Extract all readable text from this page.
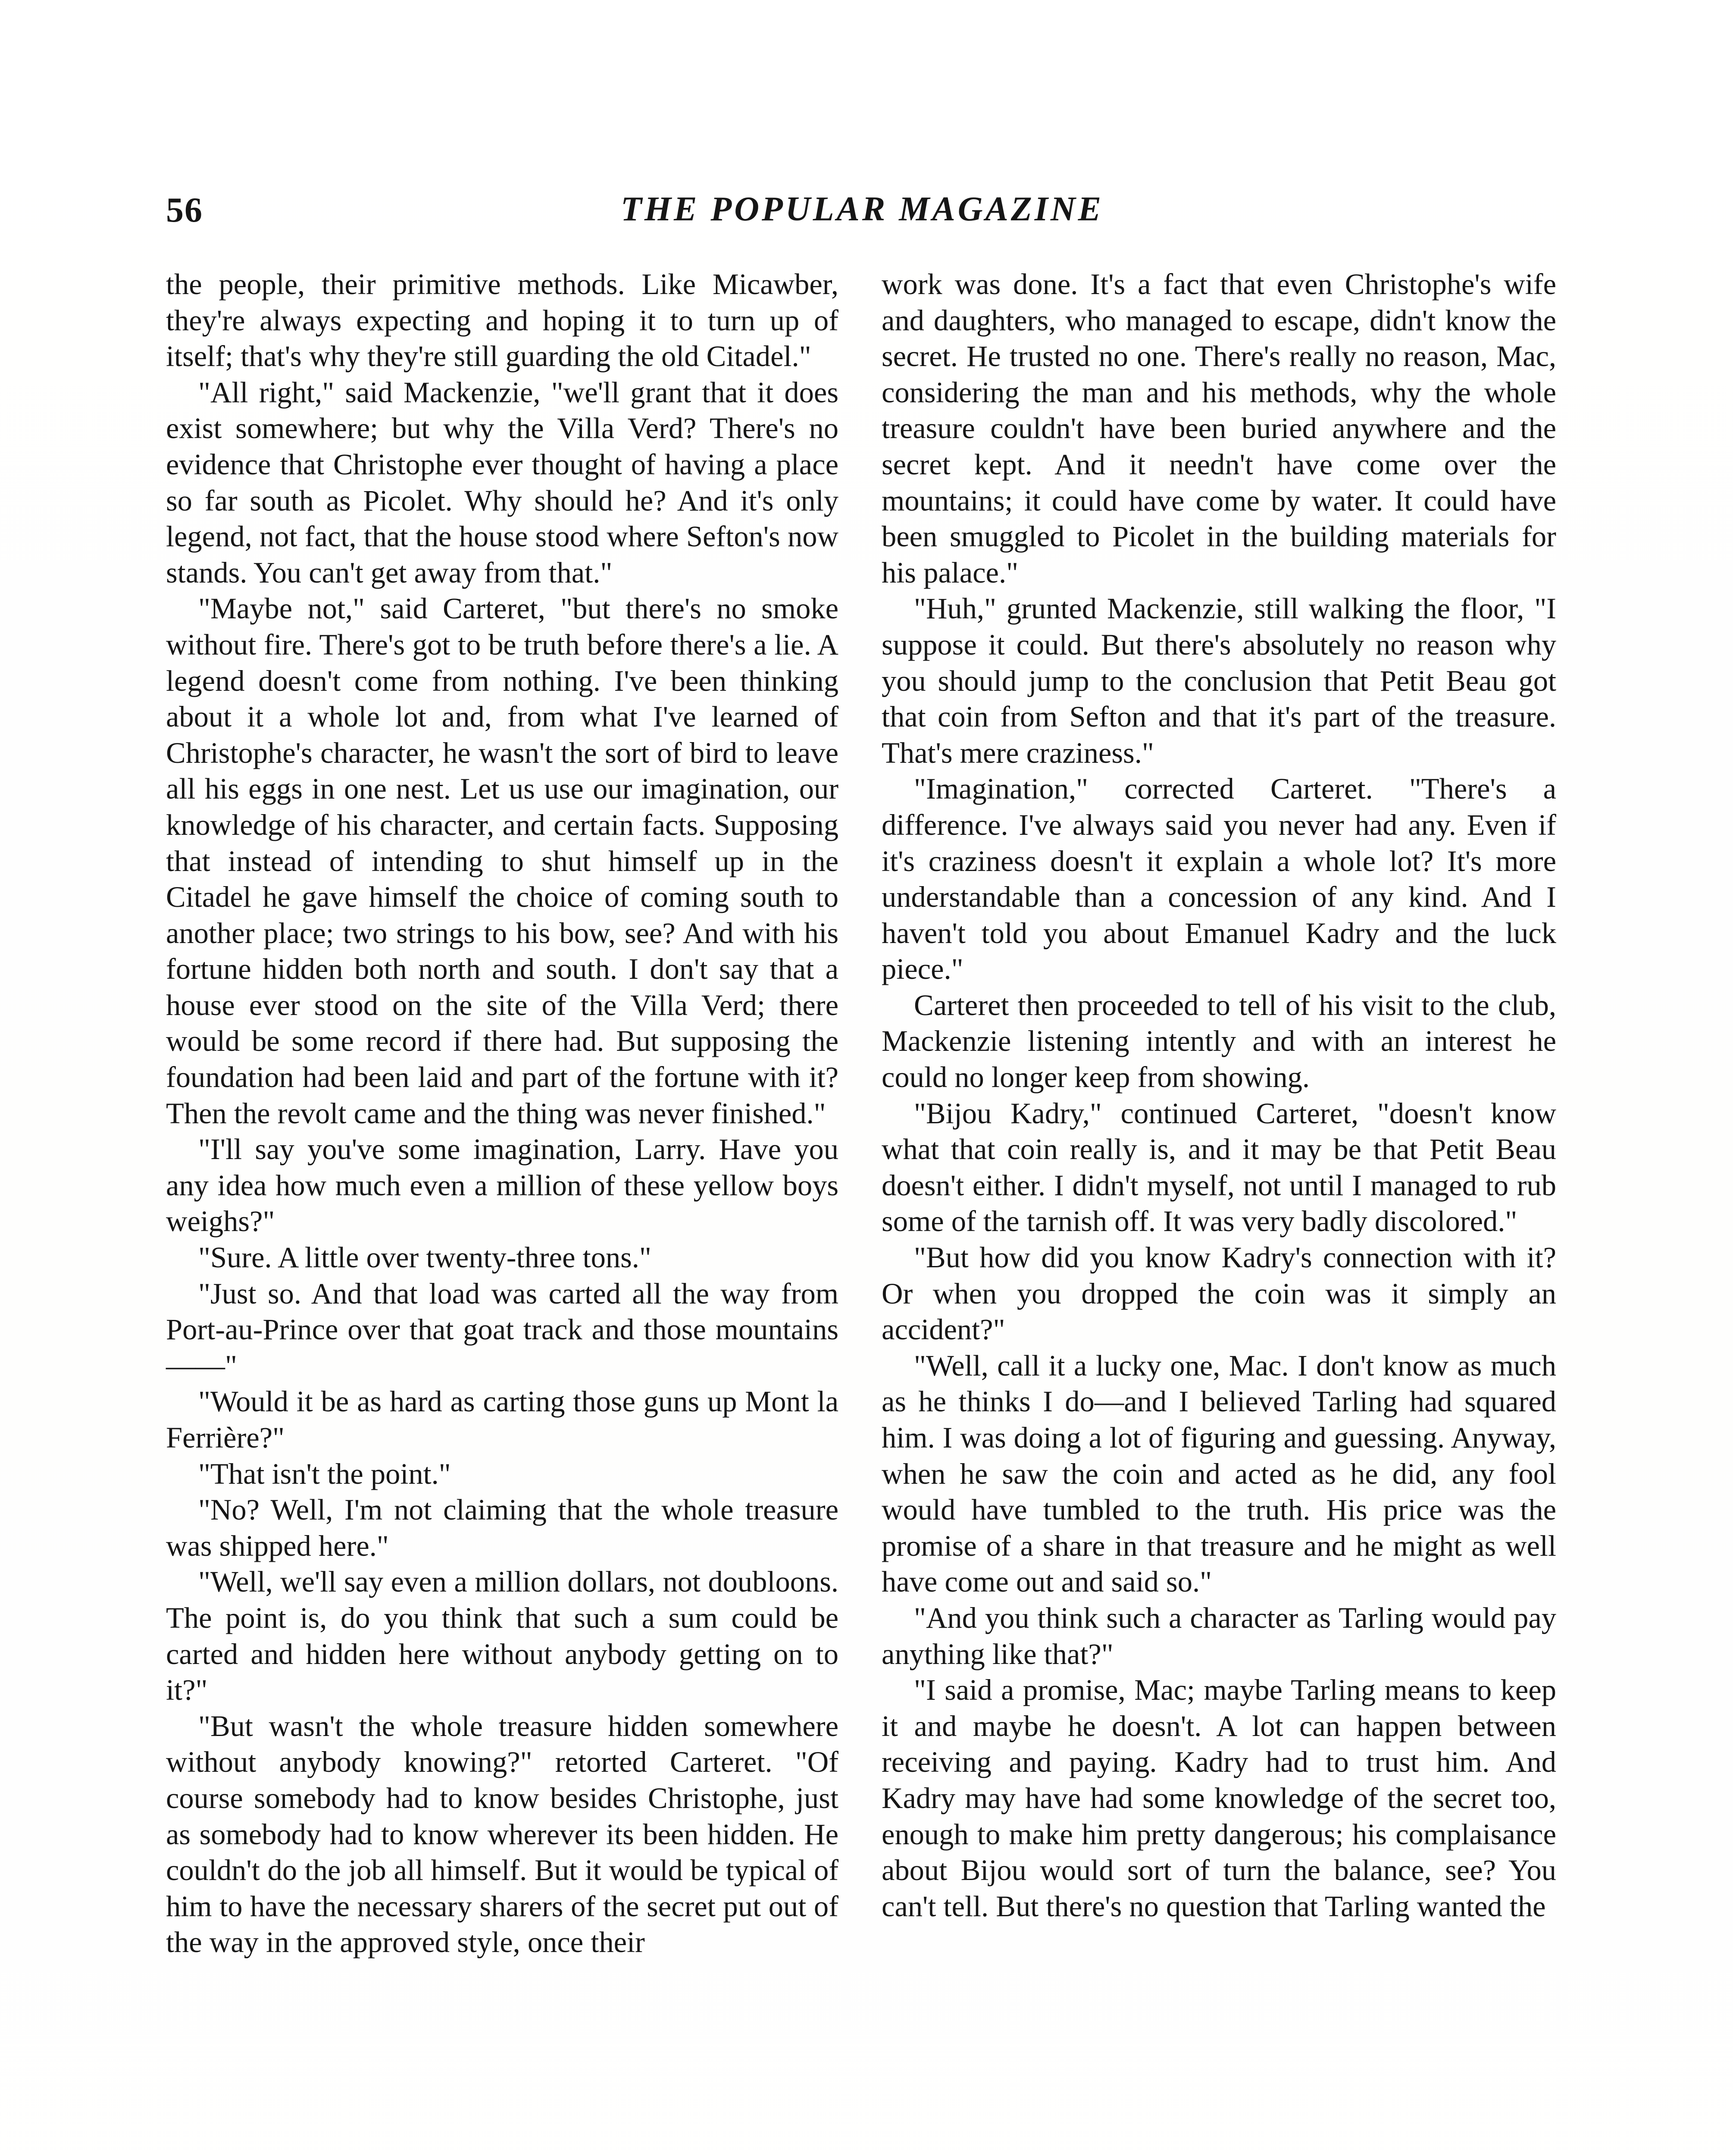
56	THE POPULAR MAGAZINE

the people, their primitive methods. Like Micawber, they're always expecting and hoping it to turn up of itself; that's why they're still guarding the old Citadel."

"All right," said Mackenzie, "we'll grant that it does exist somewhere; but why the Villa Verd? There's no evidence that Christophe ever thought of having a place so far south as Picolet. Why should he? And it's only legend, not fact, that the house stood where Sefton's now stands. You can't get away from that."

"Maybe not," said Carteret, "but there's no smoke without fire. There's got to be truth before there's a lie. A legend doesn't come from nothing. I've been thinking about it a whole lot and, from what I've learned of Christophe's character, he wasn't the sort of bird to leave all his eggs in one nest. Let us use our imagination, our knowledge of his character, and certain facts. Supposing that instead of intending to shut himself up in the Citadel he gave himself the choice of coming south to another place; two strings to his bow, see? And with his fortune hidden both north and south. I don't say that a house ever stood on the site of the Villa Verd; there would be some record if there had. But supposing the foundation had been laid and part of the fortune with it? Then the revolt came and the thing was never finished."

"I'll say you've some imagination, Larry. Have you any idea how much even a million of these yellow boys weighs?"

"Sure. A little over twenty-three tons."

"Just so. And that load was carted all the way from Port-au-Prince over that goat track and those mountains——"

"Would it be as hard as carting those guns up Mont la Ferrière?"

"That isn't the point."

"No? Well, I'm not claiming that the whole treasure was shipped here."

"Well, we'll say even a million dollars, not doubloons. The point is, do you think that such a sum could be carted and hidden here without anybody getting on to it?"

"But wasn't the whole treasure hidden somewhere without anybody knowing?" retorted Carteret. "Of course somebody had to know besides Christophe, just as somebody had to know wherever its been hidden. He couldn't do the job all himself. But it would be typical of him to have the necessary sharers of the secret put out of the way in the approved style, once their

work was done. It's a fact that even Christophe's wife and daughters, who managed to escape, didn't know the secret. He trusted no one. There's really no reason, Mac, considering the man and his methods, why the whole treasure couldn't have been buried anywhere and the secret kept. And it needn't have come over the mountains; it could have come by water. It could have been smuggled to Picolet in the building materials for his palace."

"Huh," grunted Mackenzie, still walking the floor, "I suppose it could. But there's absolutely no reason why you should jump to the conclusion that Petit Beau got that coin from Sefton and that it's part of the treasure. That's mere craziness."

"Imagination," corrected Carteret. "There's a difference. I've always said you never had any. Even if it's craziness doesn't it explain a whole lot? It's more understandable than a concession of any kind. And I haven't told you about Emanuel Kadry and the luck piece."

Carteret then proceeded to tell of his visit to the club, Mackenzie listening intently and with an interest he could no longer keep from showing.

"Bijou Kadry," continued Carteret, "doesn't know what that coin really is, and it may be that Petit Beau doesn't either. I didn't myself, not until I managed to rub some of the tarnish off. It was very badly discolored."

"But how did you know Kadry's connection with it? Or when you dropped the coin was it simply an accident?"

"Well, call it a lucky one, Mac. I don't know as much as he thinks I do—and I believed Tarling had squared him. I was doing a lot of figuring and guessing. Anyway, when he saw the coin and acted as he did, any fool would have tumbled to the truth. His price was the promise of a share in that treasure and he might as well have come out and said so."

"And you think such a character as Tarling would pay anything like that?"

"I said a promise, Mac; maybe Tarling means to keep it and maybe he doesn't. A lot can happen between receiving and paying. Kadry had to trust him. And Kadry may have had some knowledge of the secret too, enough to make him pretty dangerous; his complaisance about Bijou would sort of turn the balance, see? You can't tell. But there's no question that Tarling wanted the
